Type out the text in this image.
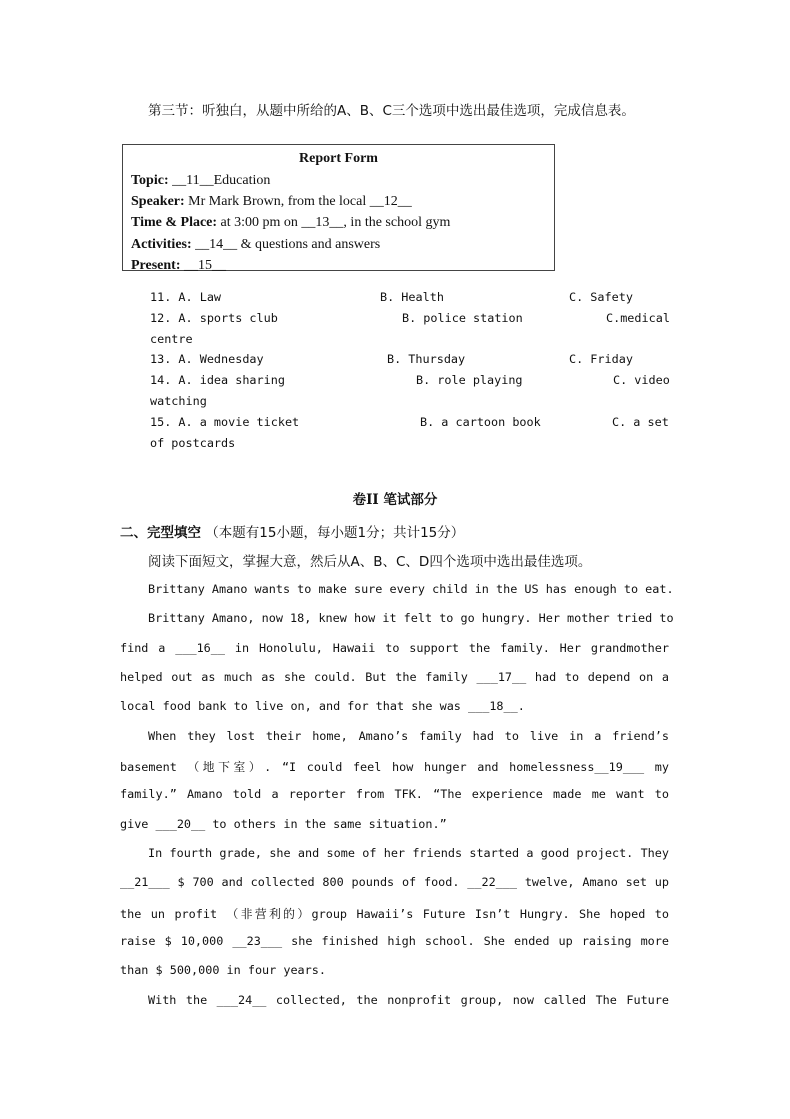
第三节：听独白，从题中所给的A、B、C三个选项中选出最佳选项，完成信息表。
Report Form
Topic: __11__Education
Speaker: Mr Mark Brown, from the local __12__
Time & Place: at 3:00 pm on __13__, in the school gym
Activities: __14__ & questions and answers
Present: __15__
11. A. Law	B. Health	C. Safety
12. A. sports club	B. police station	C.medical
centre
13. A. Wednesday	B. Thursday	C. Friday
14. A. idea sharing	B. role playing	C. video
watching
15. A. a movie ticket	B. a cartoon book	C. a set
of postcards
卷II 笔试部分
二、完型填空 （本题有15小题，每小题1分；共计15分）
阅读下面短文，掌握大意，然后从A、B、C、D四个选项中选出最佳选项。
Brittany Amano wants to make sure every child in the US has enough to eat.
Brittany Amano, now 18, knew how it felt to go hungry. Her mother tried to
find a ___16__ in Honolulu, Hawaii to support the family. Her grandmother
helped out as much as she could. But the family ___17__ had to depend on a
local food bank to live on, and for that she was ___18__.
When they lost their home, Amano’s family had to live in a friend’s
basement （地下室）. “I could feel how hunger and homelessness__19___ my
family.” Amano told a reporter from TFK. “The experience made me want to
give ___20__ to others in the same situation.”
In fourth grade, she and some of her friends started a good project. They
__21___ $ 700 and collected 800 pounds of food. __22___ twelve, Amano set up
the un profit （非营利的）group Hawaii’s Future Isn’t Hungry. She hoped to
raise $ 10,000 __23___ she finished high school. She ended up raising more
than $ 500,000 in four years.
With the ___24__ collected, the nonprofit group, now called The Future
